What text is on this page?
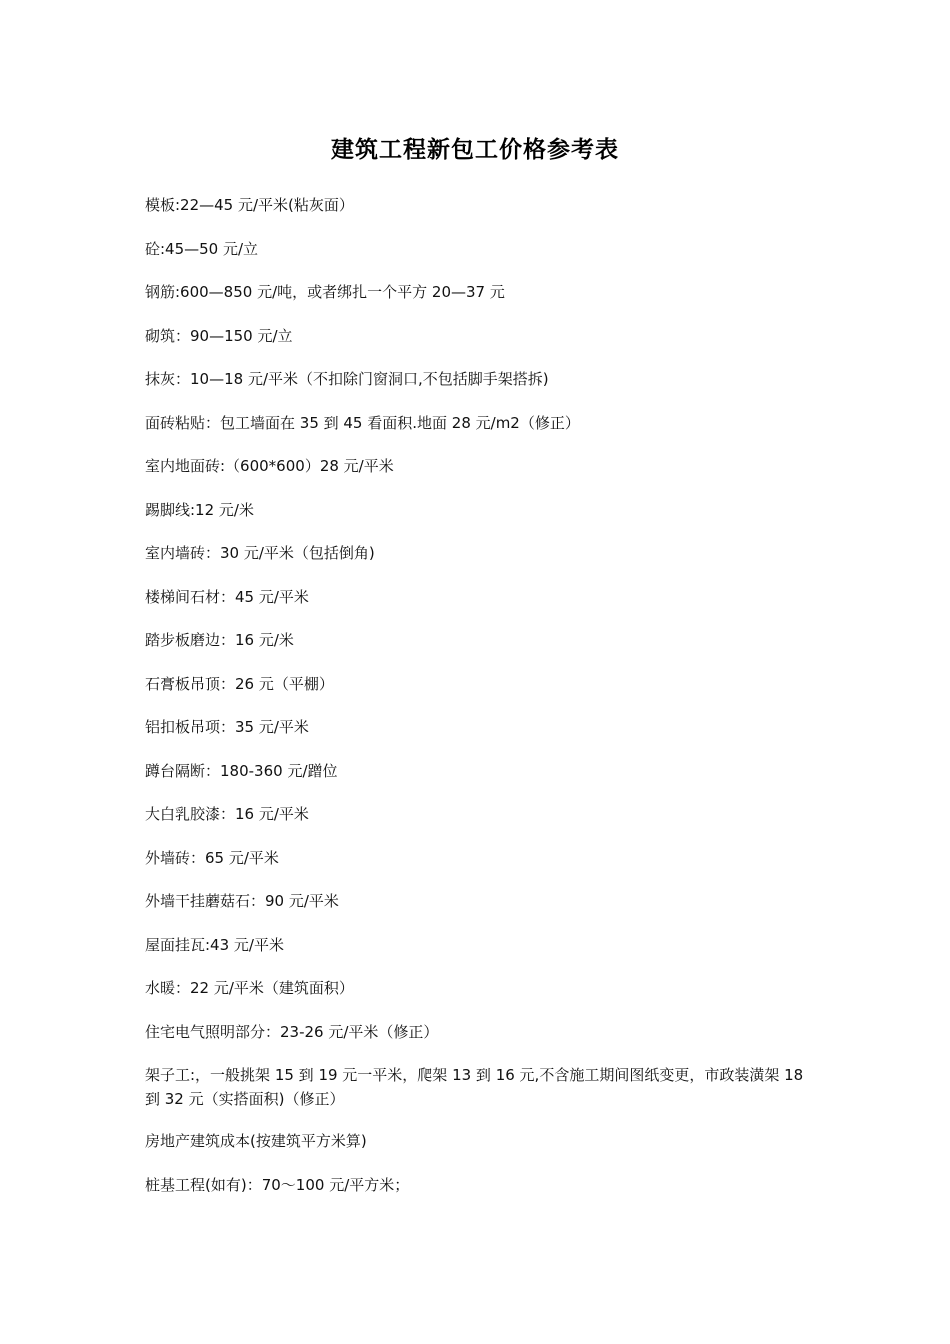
建筑工程新包工价格参考表

模板:22—45 元/平米(粘灰面）

砼:45—50 元/立

钢筋:600—850 元/吨，或者绑扎一个平方 20—37 元

砌筑：90—150 元/立

抹灰：10—18 元/平米（不扣除门窗洞口,不包括脚手架搭拆)

面砖粘贴：包工墙面在 35 到 45 看面积.地面 28 元/m2（修正）

室内地面砖:（600*600）28 元/平米

踢脚线:12 元/米

室内墙砖：30 元/平米（包括倒角)

楼梯间石材：45 元/平米

踏步板磨边：16 元/米

石膏板吊顶：26 元（平棚）

铝扣板吊项：35 元/平米

蹲台隔断：180-360 元/蹭位

大白乳胶漆：16 元/平米

外墙砖：65 元/平米

外墙干挂蘑菇石：90 元/平米

屋面挂瓦:43 元/平米

水暖：22 元/平米（建筑面积）

住宅电气照明部分：23-26 元/平米（修正）

架子工:，一般挑架 15 到 19 元一平米，爬架 13 到 16 元,不含施工期间图纸变更，市政装潢架 18 到 32 元（实搭面积)（修正）

房地产建筑成本(按建筑平方米算)

桩基工程(如有)：70～100 元/平方米；
